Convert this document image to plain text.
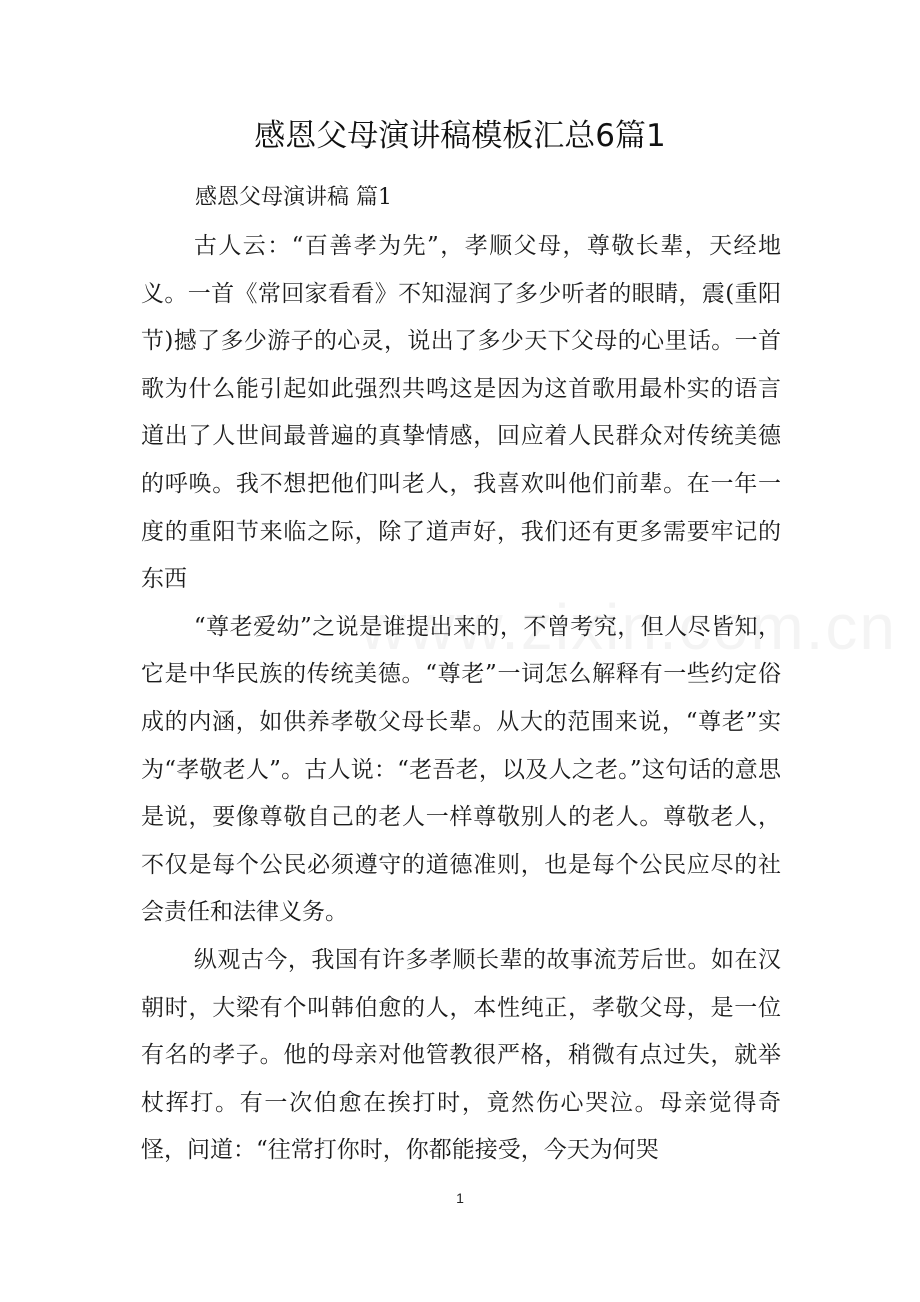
感恩父母演讲稿模板汇总6篇1
感恩父母演讲稿 篇1

古人云：“百善孝为先”，孝顺父母，尊敬长辈，天经地义。一首《常回家看看》不知湿润了多少听者的眼睛，震(重阳节)撼了多少游子的心灵，说出了多少天下父母的心里话。一首歌为什么能引起如此强烈共鸣这是因为这首歌用最朴实的语言道出了人世间最普遍的真挚情感，回应着人民群众对传统美德的呼唤。我不想把他们叫老人，我喜欢叫他们前辈。在一年一度的重阳节来临之际，除了道声好，我们还有更多需要牢记的东西

“尊老爱幼”之说是谁提出来的，不曾考究，但人尽皆知，它是中华民族的传统美德。“尊老”一词怎么解释有一些约定俗成的内涵，如供养孝敬父母长辈。从大的范围来说，“尊老”实为“孝敬老人”。古人说：“老吾老，以及人之老。”这句话的意思是说，要像尊敬自己的老人一样尊敬别人的老人。尊敬老人，不仅是每个公民必须遵守的道德准则，也是每个公民应尽的社会责任和法律义务。

纵观古今，我国有许多孝顺长辈的故事流芳后世。如在汉朝时，大梁有个叫韩伯愈的人，本性纯正，孝敬父母，是一位有名的孝子。他的母亲对他管教很严格，稍微有点过失，就举杖挥打。有一次伯愈在挨打时，竟然伤心哭泣。母亲觉得奇怪，问道：“往常打你时，你都能接受，今天为何哭

1
